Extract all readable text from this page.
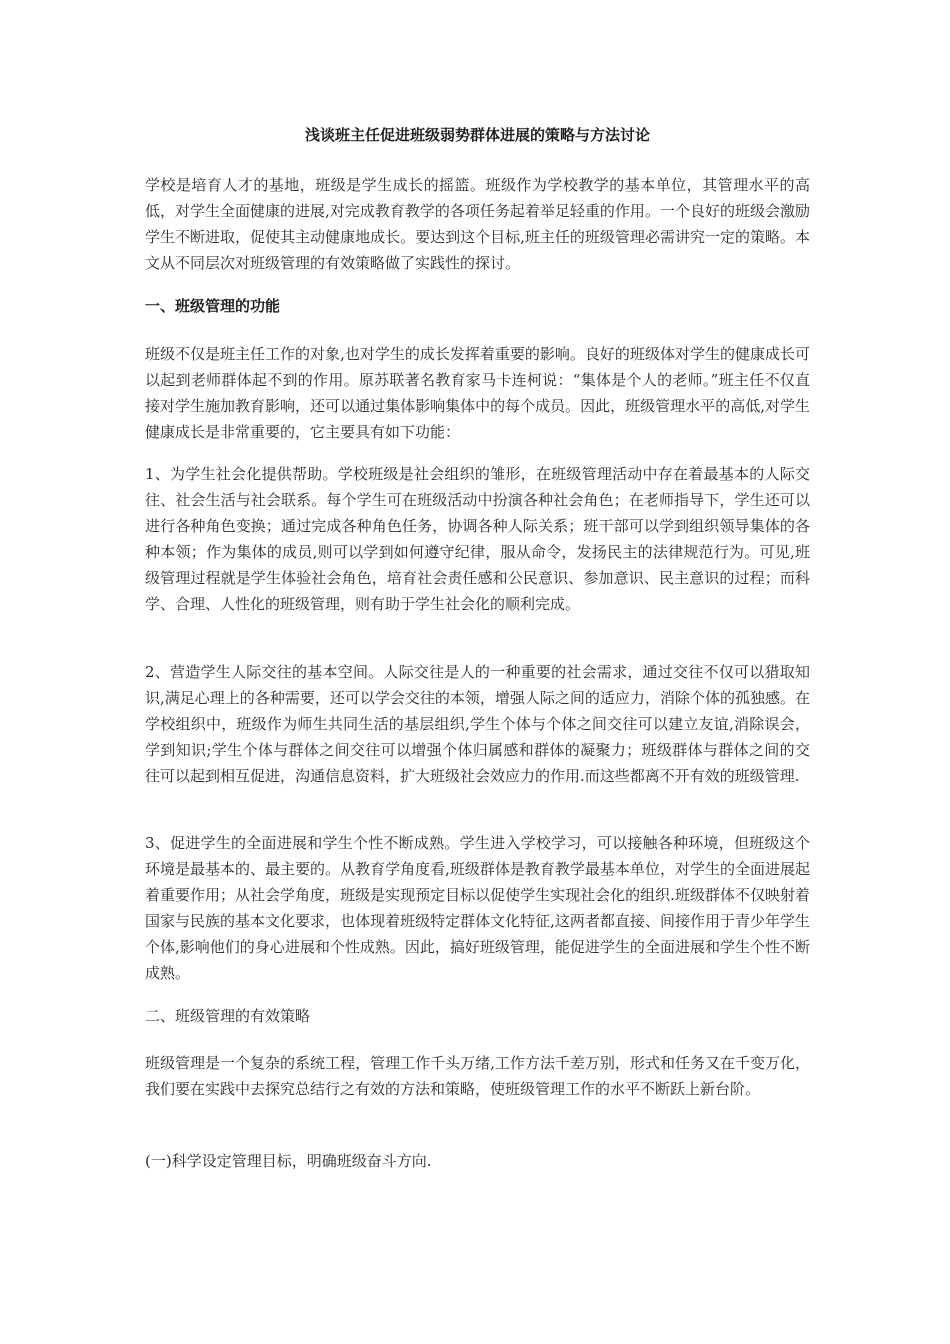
浅谈班主任促进班级弱势群体进展的策略与方法讨论

学校是培育人才的基地，班级是学生成长的摇篮。班级作为学校教学的基本单位，其管理水平的高低，对学生全面健康的进展,对完成教育教学的各项任务起着举足轻重的作用。一个良好的班级会激励学生不断进取，促使其主动健康地成长。要达到这个目标,班主任的班级管理必需讲究一定的策略。本文从不同层次对班级管理的有效策略做了实践性的探讨。

一、班级管理的功能

班级不仅是班主任工作的对象,也对学生的成长发挥着重要的影响。良好的班级体对学生的健康成长可以起到老师群体起不到的作用。原苏联著名教育家马卡连柯说：“集体是个人的老师。”班主任不仅直接对学生施加教育影响，还可以通过集体影响集体中的每个成员。因此，班级管理水平的高低,对学生健康成长是非常重要的，它主要具有如下功能：

1、为学生社会化提供帮助。学校班级是社会组织的雏形，在班级管理活动中存在着最基本的人际交往、社会生活与社会联系。每个学生可在班级活动中扮演各种社会角色；在老师指导下，学生还可以进行各种角色变换；通过完成各种角色任务，协调各种人际关系；班干部可以学到组织领导集体的各种本领；作为集体的成员,则可以学到如何遵守纪律，服从命令，发扬民主的法律规范行为。可见,班级管理过程就是学生体验社会角色，培育社会责任感和公民意识、参加意识、民主意识的过程；而科学、合理、人性化的班级管理，则有助于学生社会化的顺利完成。

2、营造学生人际交往的基本空间。人际交往是人的一种重要的社会需求，通过交往不仅可以猎取知识,满足心理上的各种需要，还可以学会交往的本领，增强人际之间的适应力，消除个体的孤独感。在学校组织中，班级作为师生共同生活的基层组织,学生个体与个体之间交往可以建立友谊,消除误会，学到知识;学生个体与群体之间交往可以增强个体归属感和群体的凝聚力；班级群体与群体之间的交往可以起到相互促进，沟通信息资料，扩大班级社会效应力的作用.而这些都离不开有效的班级管理.

3、促进学生的全面进展和学生个性不断成熟。学生进入学校学习，可以接触各种环境，但班级这个环境是最基本的、最主要的。从教育学角度看,班级群体是教育教学最基本单位，对学生的全面进展起着重要作用；从社会学角度，班级是实现预定目标以促使学生实现社会化的组织.班级群体不仅映射着国家与民族的基本文化要求，也体现着班级特定群体文化特征,这两者都直接、间接作用于青少年学生个体,影响他们的身心进展和个性成熟。因此，搞好班级管理，能促进学生的全面进展和学生个性不断成熟。

二、班级管理的有效策略

班级管理是一个复杂的系统工程，管理工作千头万绪,工作方法千差万别，形式和任务又在千变万化，我们要在实践中去探究总结行之有效的方法和策略，使班级管理工作的水平不断跃上新台阶。

(一)科学设定管理目标，明确班级奋斗方向.
